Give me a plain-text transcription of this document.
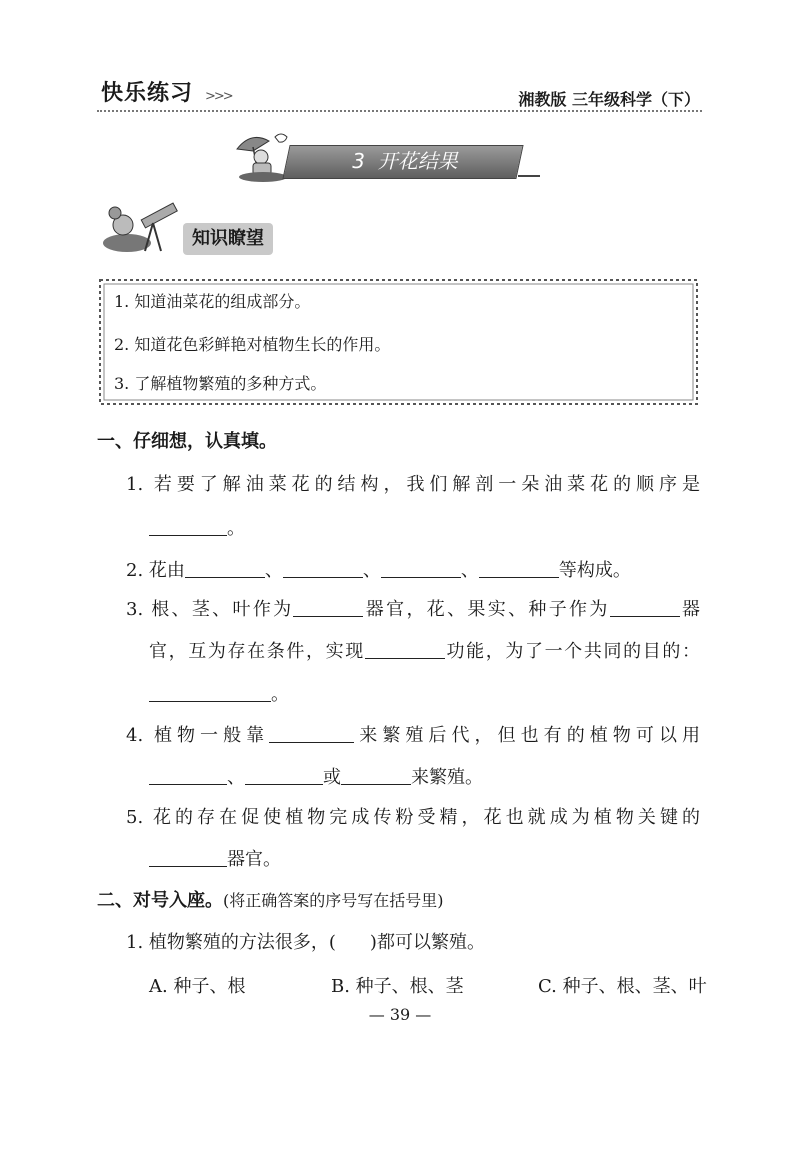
快乐练习 >>>	湘教版 三年级科学（下）
3 开花结果
知识瞭望
1. 知道油菜花的组成部分。
2. 知道花色彩鲜艳对植物生长的作用。
3. 了解植物繁殖的多种方式。
一、仔细想，认真填。
1. 若要了解油菜花的结构，我们解剖一朵油菜花的顺序是
。
2. 花由	、	、	、	等构成。
3. 根、茎、叶作为	器官，花、果实、种子作为	器
官，互为存在条件，实现	功能，为了一个共同的目的：
。
4. 植物一般靠	来繁殖后代，但也有的植物可以用
、	或	来繁殖。
5. 花的存在促使植物完成传粉受精，花也就成为植物关键的
器官。
二、对号入座。(将正确答案的序号写在括号里)
1. 植物繁殖的方法很多，( )都可以繁殖。
A. 种子、根	B. 种子、根、茎	C. 种子、根、茎、叶
— 39 —
